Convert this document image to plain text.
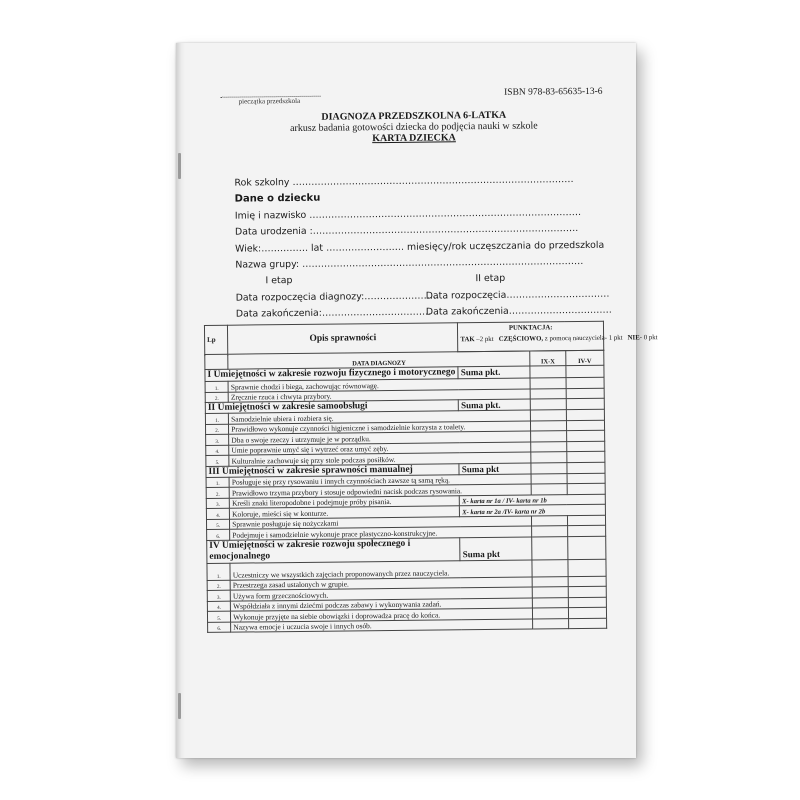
pieczątka przedszkola
ISBN 978-83-65635-13-6
DIAGNOZA PRZEDSZKOLNA 6-LATKA
arkusz badania gotowości dziecka do podjęcia nauki w szkole
KARTA DZIECKA
Rok szkolny ………………………………………………………………………………
Dane o dziecku
Imię i nazwisko ……………………………………………………………………………
Data urodzenia :………………………………………………………………………….
Wiek:…………… lat ……………………. miesięcy/rok uczęszczania do przedszkola
Nazwa grupy: ………………………………………………………………………………
I etap	II etap
Data rozpoczęcia diagnozy:……………………
Data rozpoczęcia……………………………
Data zakończenia:……………………………..
Data zakończenia……………………………
Lp	Opis sprawności	PUNKTACJA:
TAK –2 pkt CZĘŚCIOWO, z pomocą nauczyciela- 1 pkt NIE- 0 pkt		

	DATA DIAGNOZY		IX-X	IV-V
I Umiejętności w zakresie rozwoju fizycznego i motorycznego		Suma pkt.		
1.	Sprawnie chodzi i biega, zachowując równowagę.			
2.	Zręcznie rzuca i chwyta przybory.			
II Umiejętności w zakresie samoobsługi		Suma pkt.		
1.	Samodzielnie ubiera i rozbiera się.			
2.	Prawidłowo wykonuje czynności higieniczne i samodzielnie korzysta z toalety.			
3.	Dba o swoje rzeczy i utrzymuje je w porządku.			
4.	Umie poprawnie umyć się i wytrzeć oraz umyć zęby.			
5.	Kulturalnie zachowuje się przy stole podczas posiłków.			
III Umiejętności w zakresie sprawności manualnej		Suma pkt		
1.	Posługuje się przy rysowaniu i innych czynnościach zawsze tą samą ręką.			
2.	Prawidłowo trzyma przybory i stosuje odpowiedni nacisk podczas rysowania.			
3.	Kreśli znaki literopodobne i podejmuje próby pisania.	X- karta nr 1a / IV- karta nr 1b		
4.	Koloruje, mieści się w konturze.	X- karta nr 2a /IV- karta nr 2b		
5.	Sprawnie posługuje się nożyczkami			
6.	Podejmuje i samodzielnie wykonuje prace plastyczno-konstrukcyjne.			
IV Umiejętności w zakresie rozwoju społecznego i emocjonalnego		Suma pkt		
1.	Uczestniczy we wszystkich zajęciach proponowanych przez nauczyciela.			
2.	Przestrzega zasad ustalonych w grupie.			
3.	Używa form grzecznościowych.			
4.	Współdziała z innymi dziećmi podczas zabawy i wykonywania zadań.			
5.	Wykonuje przyjęte na siebie obowiązki i doprowadza pracę do końca.			
6.	Nazywa emocje i uczucia swoje i innych osób.			
